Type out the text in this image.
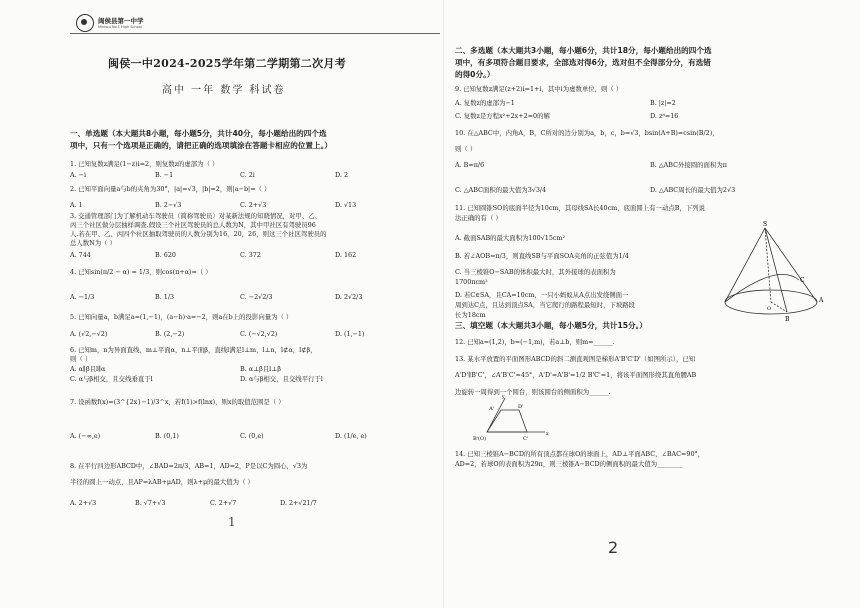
闽侯县第一中学
Minhou No.1 High School
闽侯一中2024-2025学年第二学期第二次月考
高中 一年 数学 科试卷
一、单选题（本大题共8小题，每小题5分，共计40分，每小题给出的四个选
项中，只有一个选项是正确的，请把正确的选项填涂在答题卡相应的位置上。）
1. 已知复数z满足(1−z)i=2，则复数z的虚部为（ ）
A. −i	B. −1	C. 2i	D. 2
2. 已知平面向量a与b的夹角为30°，|a|=√3，|b|=2，则|a−b|=（ ）
A. 1	B. 2−√3	C. 2+√3	D. √13
3. 交通管理部门为了解机动车驾驶员（简称驾驶员）对某新法规的知晓情况，对甲、乙、
丙三个社区做分层抽样调查.假设三个社区驾驶员的总人数为N，其中甲社区有驾驶员96
人.若在甲、乙、丙四个社区抽取驾驶员的人数分别为16，20，26，则这三个社区驾驶员的
总人数N为（ ）
A. 744	B. 620	C. 372	D. 162
4. 已知sin(π/2 − α) = 1/3，则cos(π+α)=（ ）
A. −1/3	B. 1/3	C. −2√2/3	D. 2√2/3
5. 已知向量a，b满足a=(1,−1)，(a−b)·a=−2，则a在b上的投影向量为（ ）
A. (√2,−√2)	B. (2,−2)	C. (−√2,√2)	D. (1,−1)
6. 已知m，n为异面直线，m⊥平面α，n⊥平面β，直线l满足l⊥m，l⊥n，l⊄α，l⊄β，
则（ ）
A. α∥β且l∥α	B. α⊥β且l⊥β
C. α与β相交，且交线垂直于l	D. α与β相交，且交线平行于l
7. 设函数f(x)=(3^{2x}−1)/3^x，若f(1)>f(lnx)，则x的取值范围是（ ）
A. (−∞,e)	B. (0,1)	C. (0,e)	D. (1/e, e)
8. 在平行四边形ABCD中，∠BAD=2π/3，AB=1，AD=2，P是以C为圆心，√3为
半径的圆上一动点，且AP=λAB+μAD，则λ+μ的最大值为（ ）
A. 2+√3	B. √7+√3	C. 2+√7	D. 2+√21/7
1
二、多选题（本大题共3小题，每小题6分，共计18分，每小题给出的四个选
项中，有多项符合题目要求，全部选对得6分，选对但不全得部分分，有选错
的得0分。）
9. 已知复数z满足(z+2)i=1+i，其中i为虚数单位，则（ ）
A. 复数z的虚部为−1	B. |z|=2
C. 复数z是方程x²+2x+2=0的解	D. z⁸=16
10. 在△ABC中，内角A，B，C所对的边分别为a，b，c，b=√3，bsin(A+B)=csin(B/2)，
则（ ）
A. B=π/6	B. △ABC外接圆的面积为π
C. △ABC面积的最大值为3√3/4	D. △ABC周长的最大值为2√3
11. 已知圆锥SO的底面半径为10cm，其母线SA长40cm，底面圆上有一动点B，下列说
法正确的有（ ）
A. 截面SAB的最大面积为100√15cm²
B. 若∠AOB=π/3，则直线SB与平面SOA夹角的正弦值为1/4
C. 当三棱锥O−SAB的体积最大时，其外接球的表面积为
1700πcm²
D. 若C∈SA，且CA=10cm，一只小蚂蚁从A点出发绕侧面一
周到达C点，且达到顶点SA，当它爬行的路程最短时，下坡路段
长为18cm
S
A
C
O
B
三、填空题（本大题共3小题，每小题5分，共计15分。）
12. 已知a=(1,2)，b=(−1,m)，若a⊥b，则m=______.
13. 某水平放置的平面图形ABCD的斜二测直观图是梯形A'B'C'D'（如图所示），已知
A'D'∥B'C'，∠A'B'C'=45°，A'D'=A'B'=1/2 B'C'=1，将该平面图形绕其直角腰AB
边旋转一周得到一个圆台，则该圆台的侧面积为______.
y
x
A'	D'
B'(O)	C'
14. 已知三棱锥A−BCD的所有顶点都在球O的球面上，AD⊥平面ABC，∠BAC=90°，
AD=2，若球O的表面积为29π，则三棱锥A−BCD的侧面积的最大值为________
2
